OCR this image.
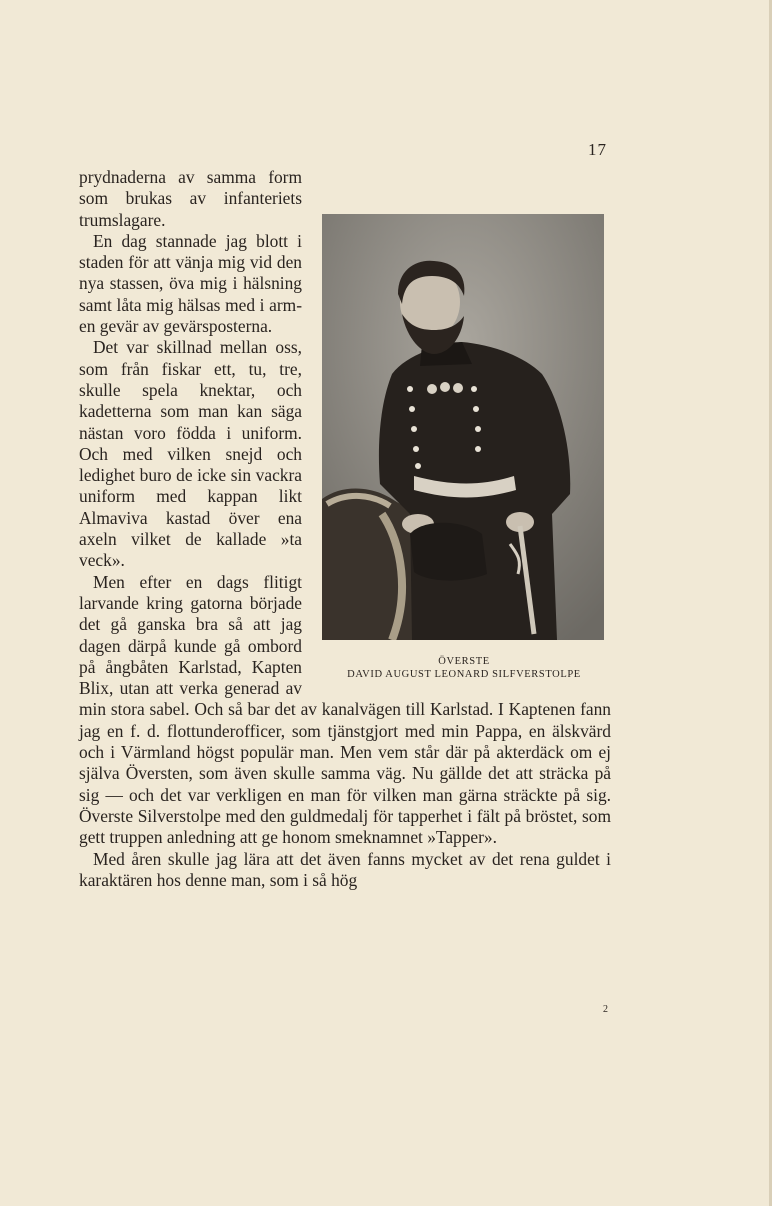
17
ÖVERSTE
DAVID AUGUST LEONARD SILFVERSTOLPE

prydnaderna av samma form som brukas av infanteriets trumslagare.

En dag stannade jag blott i staden för att vänja mig vid den nya stassen, öva mig i hälsning samt låta mig hälsas med i armen gevär av gevärsposterna.

Det var skillnad mellan oss, som från fiskar ett, tu, tre, skulle spela knektar, och kadetterna som man kan säga nästan voro födda i uniform. Och med vilken snejd och ledighet buro de icke sin vackra uniform med kappan likt Almaviva kastad över ena axeln vilket de kallade »ta veck».

Men efter en dags flitigt larvande kring gatorna började det gå ganska bra så att jag dagen därpå kunde gå ombord på ångbåten Karlstad, Kapten Blix, utan att verka generad av min stora sabel. Och så bar det av kanalvägen till Karlstad. I Kaptenen fann jag en f. d. flottunderofficer, som tjänstgjort med min Pappa, en älskvärd och i Värmland högst populär man. Men vem står där på akterdäck om ej själva Översten, som även skulle samma väg. Nu gällde det att sträcka på sig — och det var verkligen en man för vilken man gärna sträckte på sig. Överste Silverstolpe med den guldmedalj för tapperhet i fält på bröstet, som gett truppen anledning att ge honom smeknamnet »Tapper».

Med åren skulle jag lära att det även fanns mycket av det rena guldet i karaktären hos denne man, som i så hög

2
